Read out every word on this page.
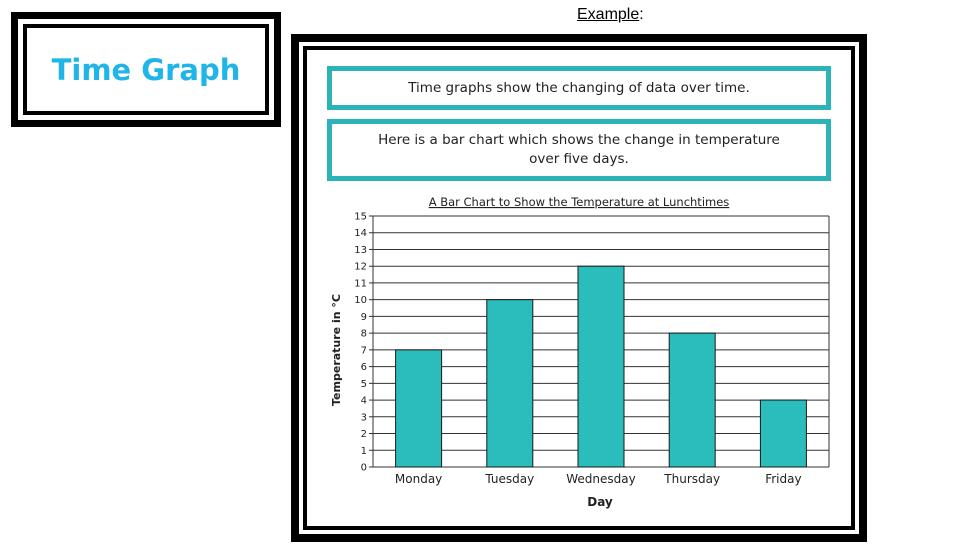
Time Graph
Example:
Time graphs show the changing of data over time.
Here is a bar chart which shows the change in temperature
over five days.
A Bar Chart to Show the Temperature at Lunchtimes
Temperature in °C
Day
0
1
2
3
4
5
6
7
8
9
10
11
12
13
14
15
Monday	Tuesday	Wednesday Thursday	Friday
